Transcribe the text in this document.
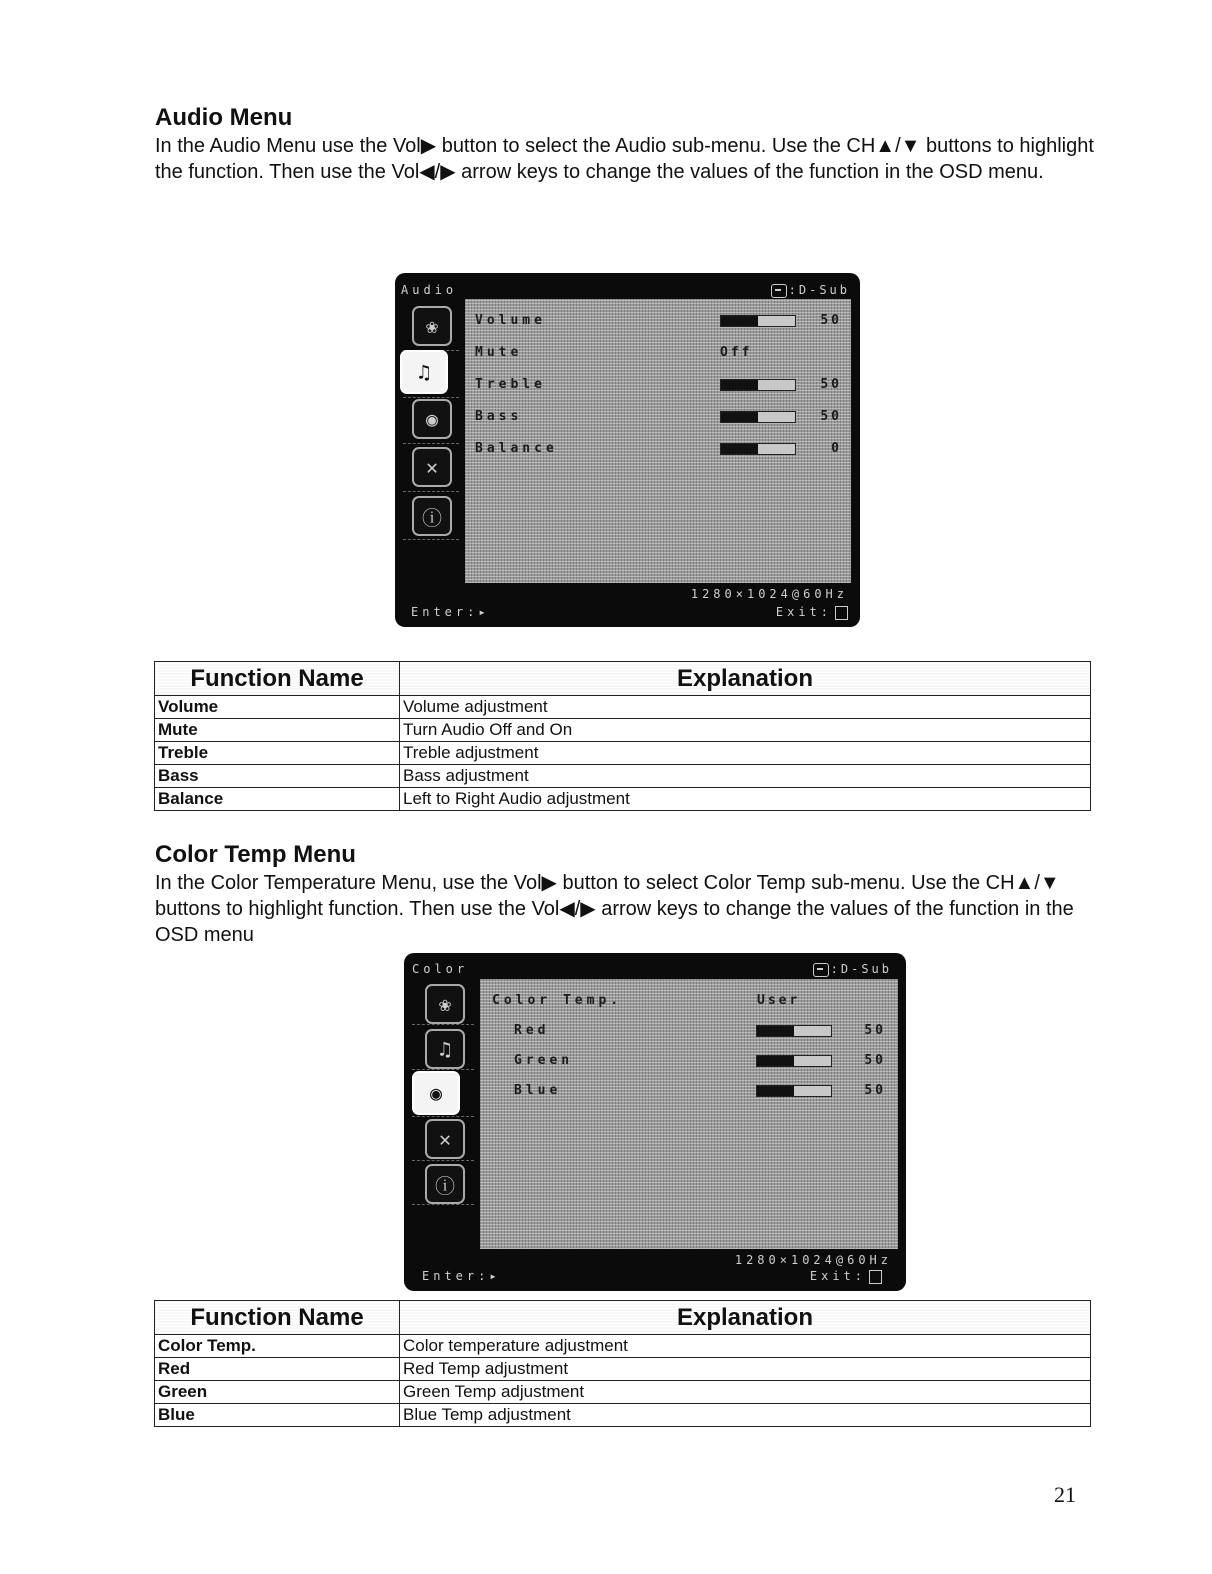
Audio Menu

In the Audio Menu use the Vol▶ button to select the Audio sub-menu. Use the CH▲/▼ buttons to highlight the function. Then use the Vol◀/▶ arrow keys to change the values of the function in the OSD menu.

Audio	:D-Sub
❀
♫
◉
✕
ⓘ
Volume	50
Mute	Off
Treble	50
Bass	50
Balance	0
1280×1024@60Hz
Enter:▸	Exit:
Function Name	Explanation
Volume	Volume adjustment
Mute	Turn Audio Off and On
Treble	Treble adjustment
Bass	Bass adjustment
Balance	Left to Right Audio adjustment
Color Temp Menu

In the Color Temperature Menu, use the Vol▶ button to select Color Temp sub-menu. Use the CH▲/▼ buttons to highlight function. Then use the Vol◀/▶ arrow keys to change the values of the function in the OSD menu

Color	:D-Sub
❀
♫
◉
✕
ⓘ
Color Temp.	User
Red	50
Green	50
Blue	50
1280×1024@60Hz
Enter:▸	Exit:
Function Name	Explanation
Color Temp.	Color temperature adjustment
Red	Red Temp adjustment
Green	Green Temp adjustment
Blue	Blue Temp adjustment
21
